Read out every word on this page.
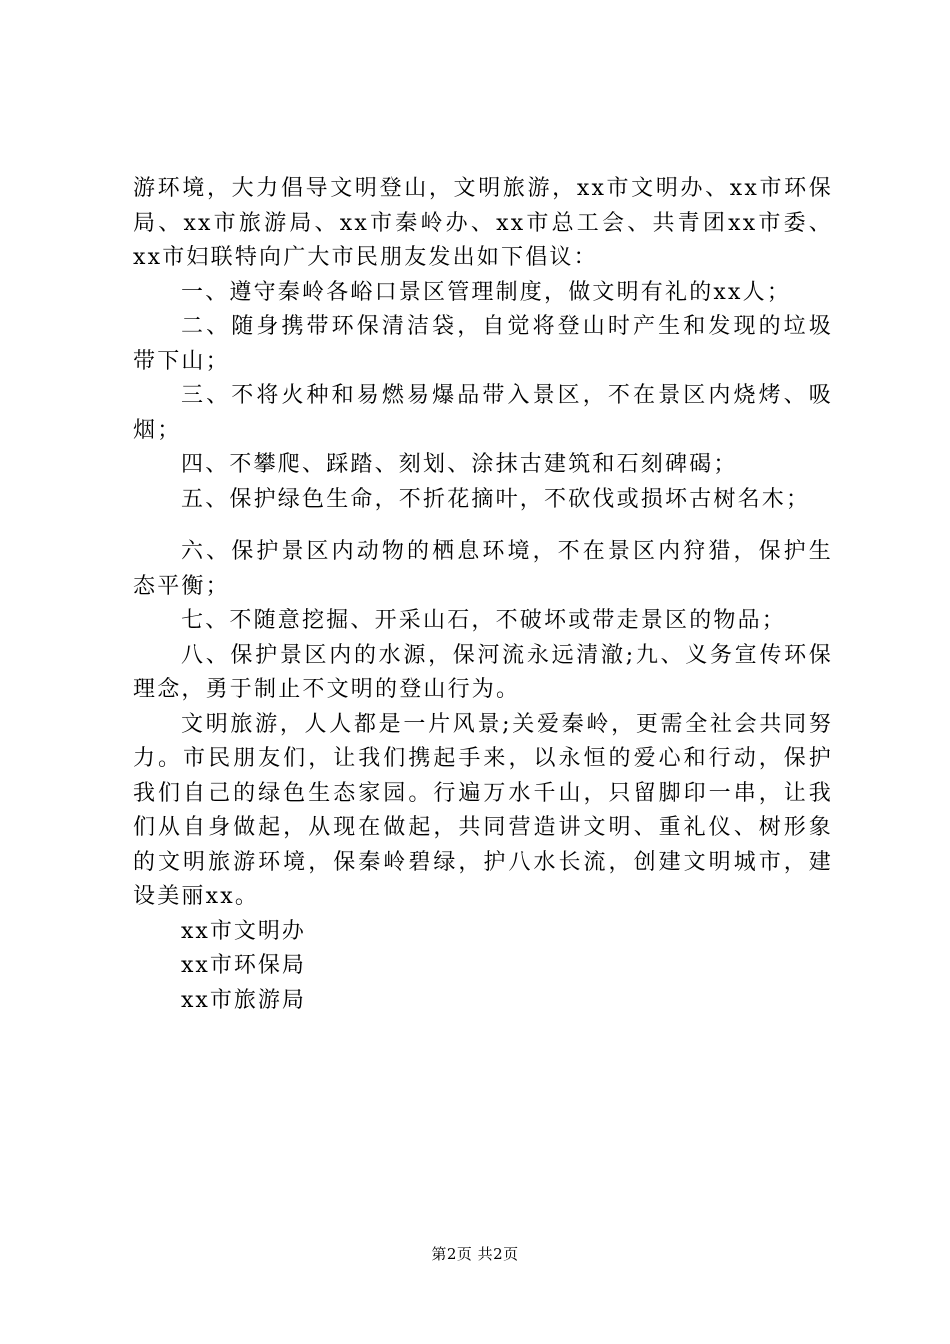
游环境，大力倡导文明登山，文明旅游，xx市文明办、xx市环保局、xx市旅游局、xx市秦岭办、xx市总工会、共青团xx市委、xx市妇联特向广大市民朋友发出如下倡议：

一、遵守秦岭各峪口景区管理制度，做文明有礼的xx人；

二、随身携带环保清洁袋，自觉将登山时产生和发现的垃圾带下山；

三、不将火种和易燃易爆品带入景区，不在景区内烧烤、吸烟；

四、不攀爬、踩踏、刻划、涂抹古建筑和石刻碑碣；

五、保护绿色生命，不折花摘叶，不砍伐或损坏古树名木；

六、保护景区内动物的栖息环境，不在景区内狩猎，保护生态平衡；

七、不随意挖掘、开采山石，不破坏或带走景区的物品；

八、保护景区内的水源，保河流永远清澈;九、义务宣传环保理念，勇于制止不文明的登山行为。

文明旅游，人人都是一片风景;关爱秦岭，更需全社会共同努力。市民朋友们，让我们携起手来，以永恒的爱心和行动，保护我们自己的绿色生态家园。行遍万水千山，只留脚印一串，让我们从自身做起，从现在做起，共同营造讲文明、重礼仪、树形象的文明旅游环境，保秦岭碧绿，护八水长流，创建文明城市，建设美丽xx。

xx市文明办

xx市环保局

xx市旅游局

第2页 共2页
